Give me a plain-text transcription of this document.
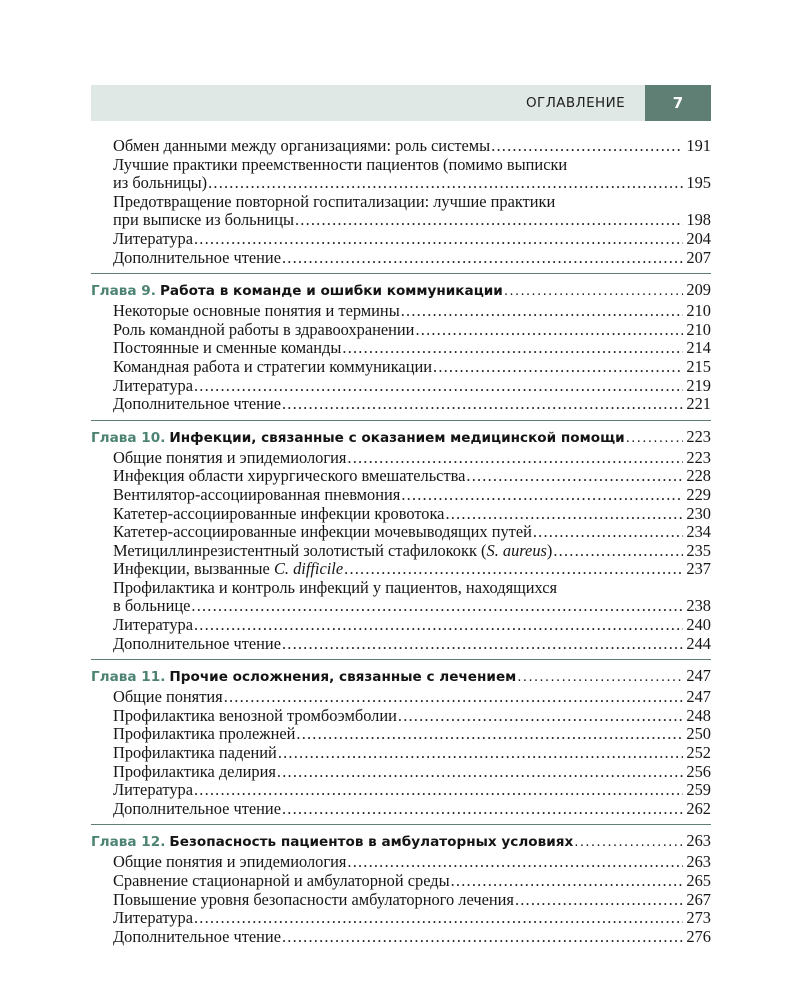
ОГЛАВЛЕНИЕ	7
Обмен данными между организациями: роль системы .....	191
Лучшие практики преемственности пациентов (помимо выписки
из больницы) .....	195
Предотвращение повторной госпитализации: лучшие практики
при выписке из больницы .....	198
Литература .....	204
Дополнительное чтение .....	207
Глава 9. Работа в команде и ошибки коммуникации .....	209
Некоторые основные понятия и термины .....	210
Роль командной работы в здравоохранении .....	210
Постоянные и сменные команды .....	214
Командная работа и стратегии коммуникации .....	215
Литература .....	219
Дополнительное чтение .....	221
Глава 10. Инфекции, связанные с оказанием медицинской помощи .....	223
Общие понятия и эпидемиология .....	223
Инфекция области хирургического вмешательства .....	228
Вентилятор-ассоциированная пневмония .....	229
Катетер-ассоциированные инфекции кровотока .....	230
Катетер-ассоциированные инфекции мочевыводящих путей .....	234
Метициллинрезистентный золотистый стафилококк (S. aureus) .....	235
Инфекции, вызванные C. difficile .....	237
Профилактика и контроль инфекций у пациентов, находящихся
в больнице .....	238
Литература .....	240
Дополнительное чтение .....	244
Глава 11. Прочие осложнения, связанные с лечением .....	247
Общие понятия .....	247
Профилактика венозной тромбоэмболии .....	248
Профилактика пролежней .....	250
Профилактика падений .....	252
Профилактика делирия .....	256
Литература .....	259
Дополнительное чтение .....	262
Глава 12. Безопасность пациентов в амбулаторных условиях .....	263
Общие понятия и эпидемиология .....	263
Сравнение стационарной и амбулаторной среды .....	265
Повышение уровня безопасности амбулаторного лечения .....	267
Литература .....	273
Дополнительное чтение .....	276
